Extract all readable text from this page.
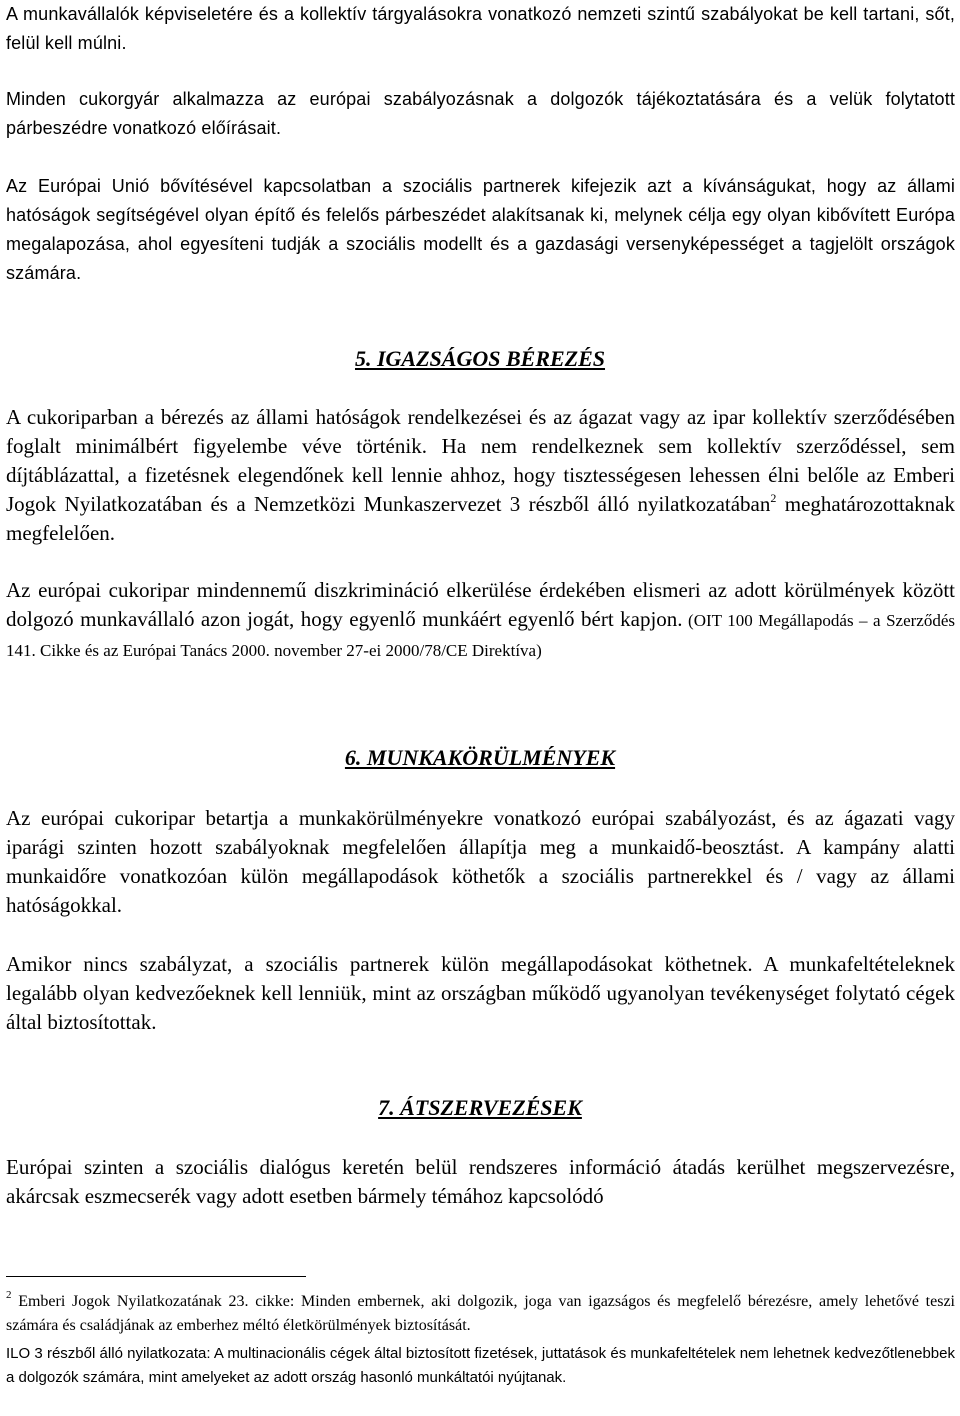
A munkavállalók képviseletére és a kollektív tárgyalásokra vonatkozó nemzeti szintű szabályokat be kell tartani, sőt, felül kell múlni.

Minden cukorgyár alkalmazza az európai szabályozásnak a dolgozók tájékoztatására és a velük folytatott párbeszédre vonatkozó előírásait.

Az Európai Unió bővítésével kapcsolatban a szociális partnerek kifejezik azt a kívánságukat, hogy az állami hatóságok segítségével olyan építő és felelős párbeszédet alakítsanak ki, melynek célja egy olyan kibővített Európa megalapozása, ahol egyesíteni tudják a szociális modellt és a gazdasági versenyképességet a tagjelölt országok számára.

5. IGAZSÁGOS BÉREZÉS

A cukoriparban a bérezés az állami hatóságok rendelkezései és az ágazat vagy az ipar kollektív szerződésében foglalt minimálbért figyelembe véve történik. Ha nem rendelkeznek sem kollektív szerződéssel, sem díjtáblázattal, a fizetésnek elegendőnek kell lennie ahhoz, hogy tisztességesen lehessen élni belőle az Emberi Jogok Nyilatkozatában és a Nemzetközi Munkaszervezet 3 részből álló nyilatkozatában$^2$ meghatározottaknak megfelelően.

Az európai cukoripar mindennemű diszkrimináció elkerülése érdekében elismeri az adott körülmények között dolgozó munkavállaló azon jogát, hogy egyenlő munkáért egyenlő bért kapjon. (OIT 100 Megállapodás – a Szerződés 141. Cikke és az Európai Tanács 2000. november 27-ei 2000/78/CE Direktíva)

6. MUNKAKÖRÜLMÉNYEK

Az európai cukoripar betartja a munkakörülményekre vonatkozó európai szabályozást, és az ágazati vagy iparági szinten hozott szabályoknak megfelelően állapítja meg a munkaidő-beosztást. A kampány alatti munkaidőre vonatkozóan külön megállapodások köthetők a szociális partnerekkel és / vagy az állami hatóságokkal.

Amikor nincs szabályzat, a szociális partnerek külön megállapodásokat köthetnek. A munkafeltételeknek legalább olyan kedvezőeknek kell lenniük, mint az országban működő ugyanolyan tevékenységet folytató cégek által biztosítottak.

7. ÁTSZERVEZÉSEK

Európai szinten a szociális dialógus keretén belül rendszeres információ átadás kerülhet megszervezésre, akárcsak eszmecserék vagy adott esetben bármely témához kapcsolódó

$^2$ Emberi Jogok Nyilatkozatának 23. cikke: Minden embernek, aki dolgozik, joga van igazságos és megfelelő bérezésre, amely lehetővé teszi számára és családjának az emberhez méltó életkörülmények biztosítását.

ILO 3 részből álló nyilatkozata: A multinacionális cégek által biztosított fizetések, juttatások és munkafeltételek nem lehetnek kedvezőtlenebbek a dolgozók számára, mint amelyeket az adott ország hasonló munkáltatói nyújtanak.
